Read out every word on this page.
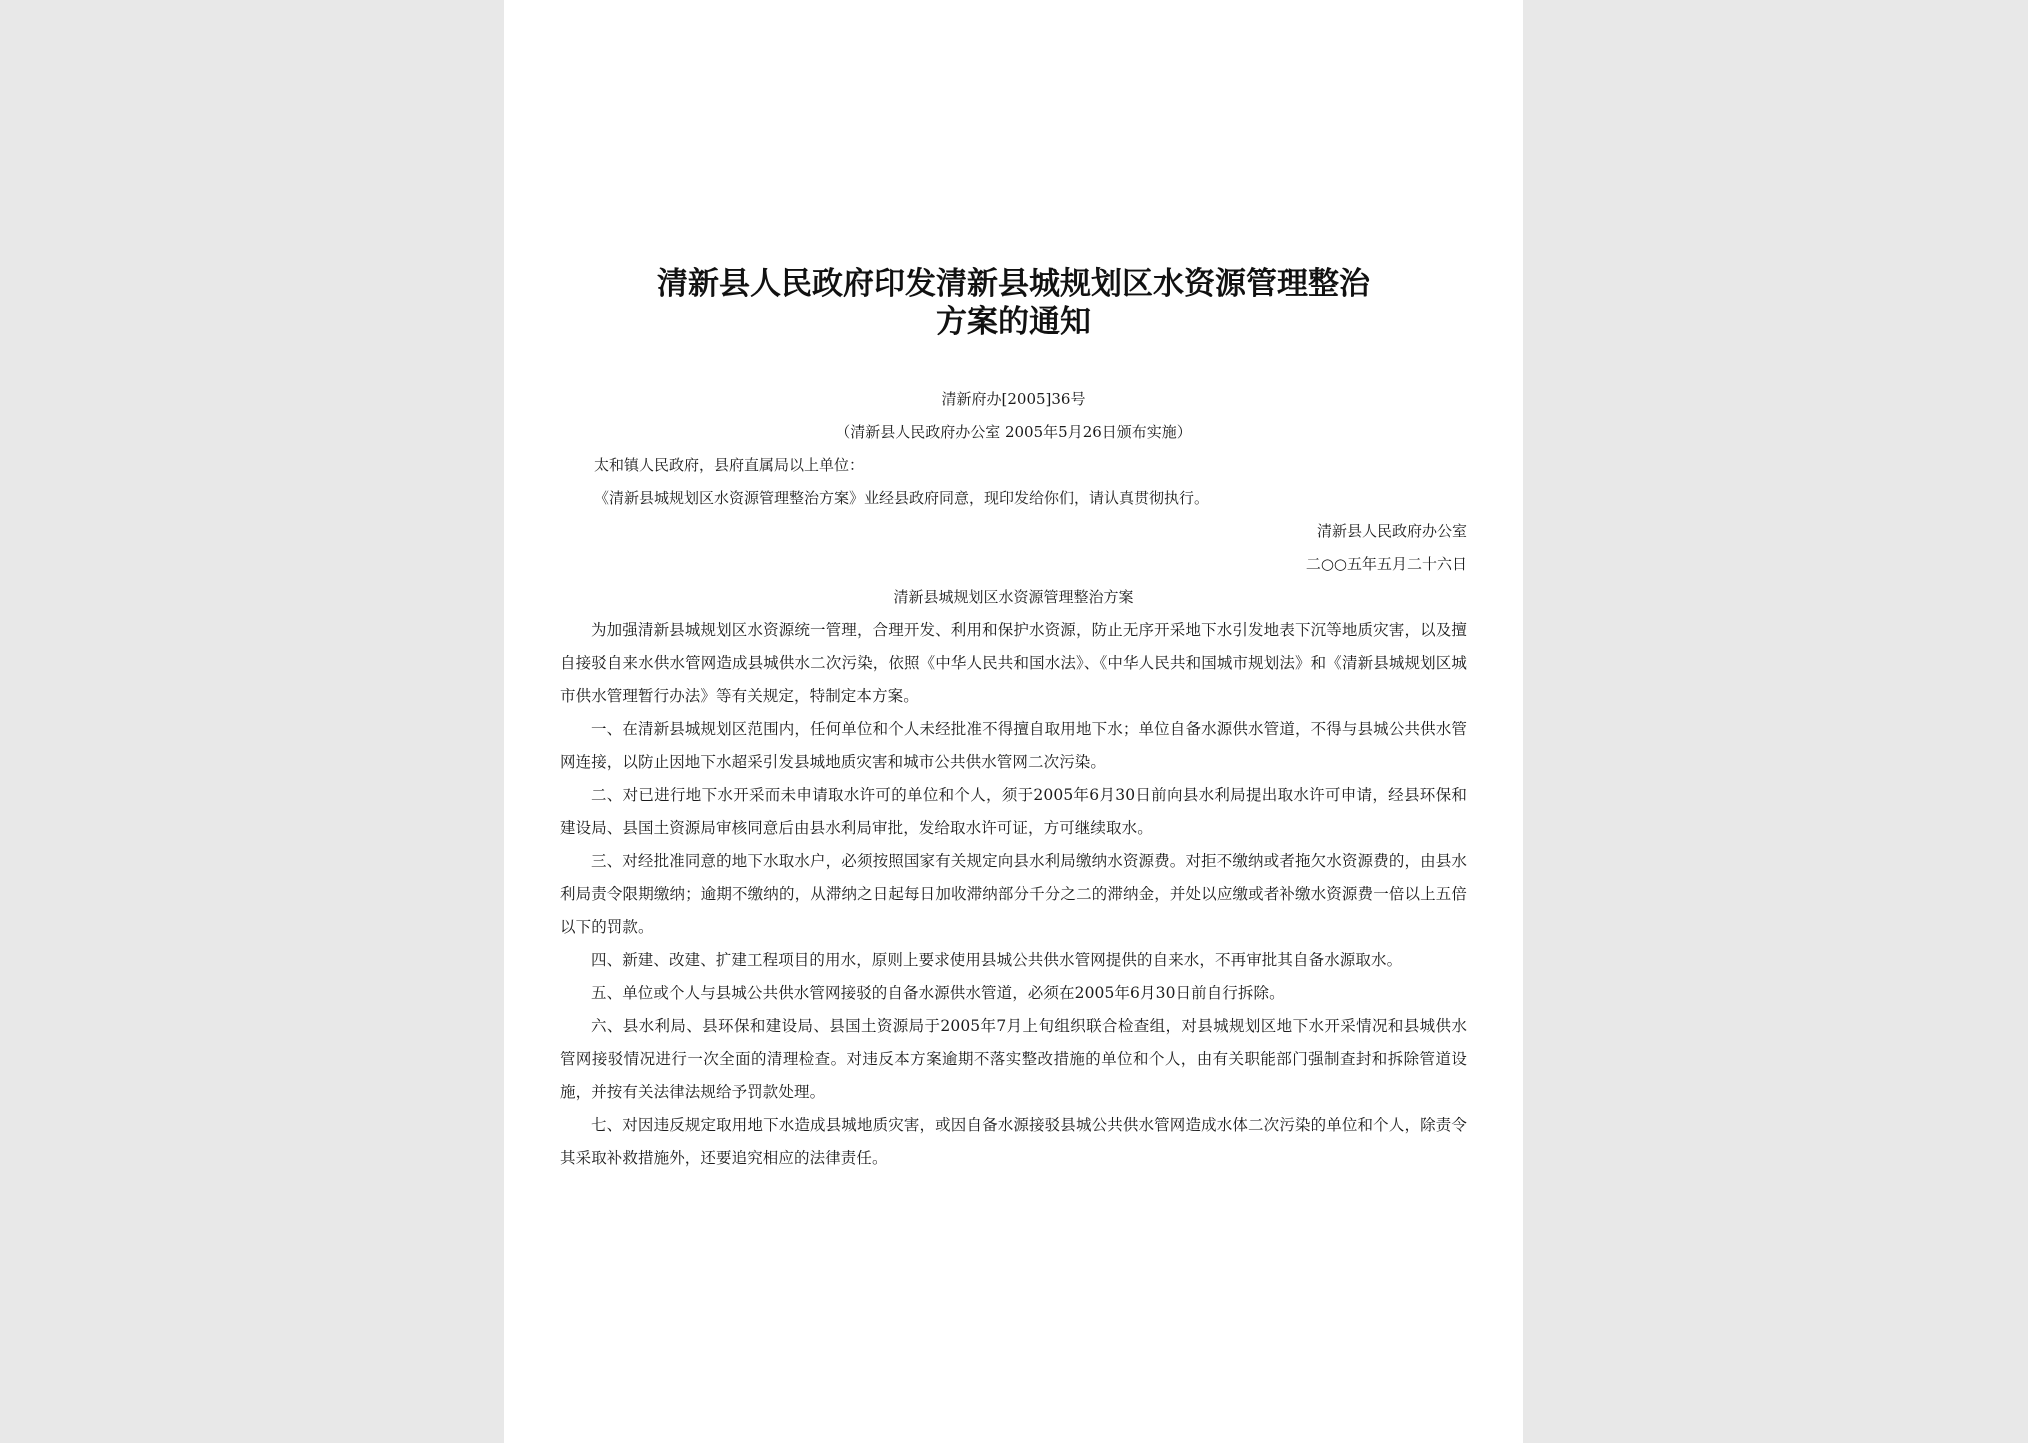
清新县人民政府印发清新县城规划区水资源管理整治
方案的通知
清新府办[2005]36号
（清新县人民政府办公室 2005年5月26日颁布实施）
太和镇人民政府，县府直属局以上单位：
《清新县城规划区水资源管理整治方案》业经县政府同意，现印发给你们，请认真贯彻执行。
清新县人民政府办公室
二○○五年五月二十六日
清新县城规划区水资源管理整治方案
为加强清新县城规划区水资源统一管理，合理开发、利用和保护水资源，防止无序开采地下水引发地表下沉等地质灾害，以及擅自接驳自来水供水管网造成县城供水二次污染，依照《中华人民共和国水法》、《中华人民共和国城市规划法》和《清新县城规划区城市供水管理暂行办法》等有关规定，特制定本方案。
一、在清新县城规划区范围内，任何单位和个人未经批准不得擅自取用地下水；单位自备水源供水管道，不得与县城公共供水管网连接，以防止因地下水超采引发县城地质灾害和城市公共供水管网二次污染。
二、对已进行地下水开采而未申请取水许可的单位和个人，须于2005年6月30日前向县水利局提出取水许可申请，经县环保和建设局、县国土资源局审核同意后由县水利局审批，发给取水许可证，方可继续取水。
三、对经批准同意的地下水取水户，必须按照国家有关规定向县水利局缴纳水资源费。对拒不缴纳或者拖欠水资源费的，由县水利局责令限期缴纳；逾期不缴纳的，从滞纳之日起每日加收滞纳部分千分之二的滞纳金，并处以应缴或者补缴水资源费一倍以上五倍以下的罚款。
四、新建、改建、扩建工程项目的用水，原则上要求使用县城公共供水管网提供的自来水，不再审批其自备水源取水。
五、单位或个人与县城公共供水管网接驳的自备水源供水管道，必须在2005年6月30日前自行拆除。
六、县水利局、县环保和建设局、县国土资源局于2005年7月上旬组织联合检查组，对县城规划区地下水开采情况和县城供水管网接驳情况进行一次全面的清理检查。对违反本方案逾期不落实整改措施的单位和个人，由有关职能部门强制查封和拆除管道设施，并按有关法律法规给予罚款处理。
七、对因违反规定取用地下水造成县城地质灾害，或因自备水源接驳县城公共供水管网造成水体二次污染的单位和个人，除责令其采取补救措施外，还要追究相应的法律责任。
